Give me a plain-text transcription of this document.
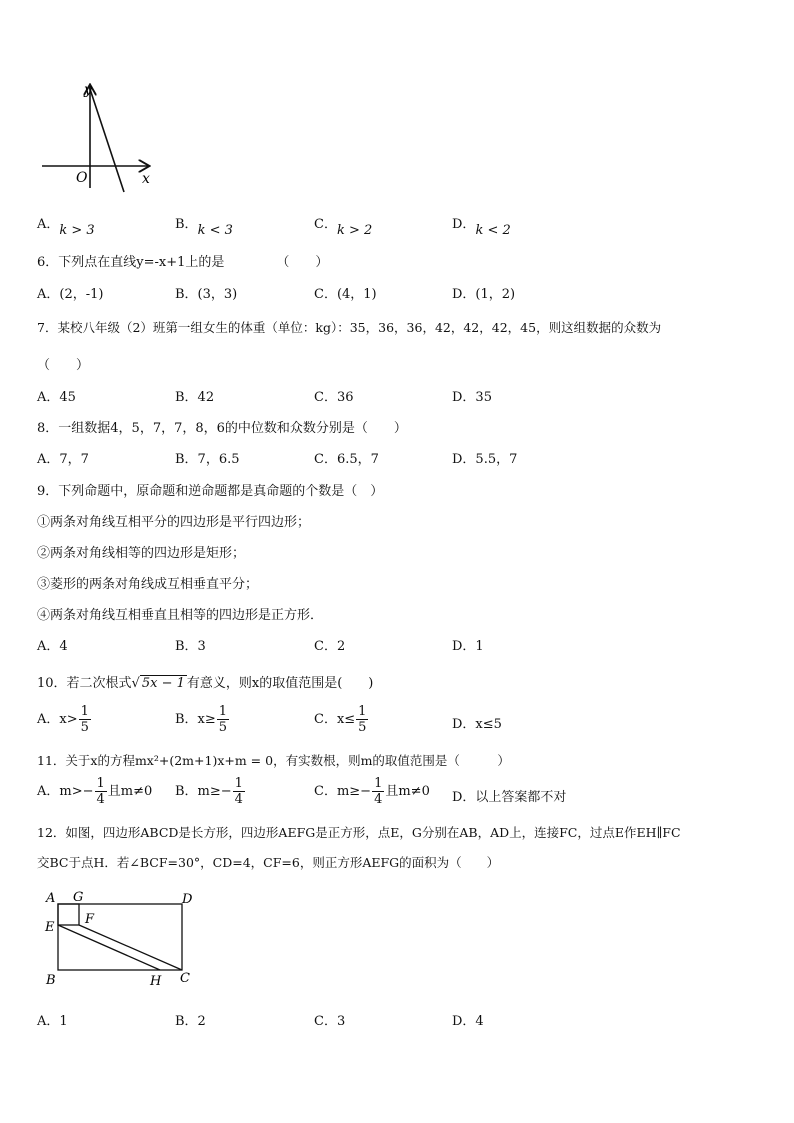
y
x
O
A．k > 3	B．k < 3	C．k > 2	D．k < 2
6．下列点在直线y=-x+1上的是	（　　）
A．(2，-1)	B．(3，3)	C．(4，1)	D．(1，2)
7．某校八年级（2）班第一组女生的体重（单位：kg）：35，36，36，42，42，42，45，则这组数据的众数为
（　　）
A．45	B．42	C．36	D．35
8．一组数据4，5，7，7，8，6的中位数和众数分别是（　　）
A．7，7	B．7，6.5	C．6.5，7	D．5.5，7
9．下列命题中，原命题和逆命题都是真命题的个数是（　）
①两条对角线互相平分的四边形是平行四边形；
②两条对角线相等的四边形是矩形；
③菱形的两条对角线成互相垂直平分；
④两条对角线互相垂直且相等的四边形是正方形．
A．4	B．3	C．2	D．1
10．若二次根式√ 5x − 1 有意义，则x的取值范围是(　　)
A．$x> \frac{1}{5}$	B．$x\ge \frac{1}{5}$	C．$x\le \frac{1}{5}$	D．x≤5
11．关于x的方程mx²+(2m+1)x+m = 0，有实数根，则m的取值范围是（　　　）
A．$m>- \frac{1}{4}$ 且m≠0 B．$m\ge- \frac{1}{4}$	C．$m\ge- \frac{1}{4}$ 且m≠0 D．以上答案都不对
12．如图，四边形ABCD是长方形，四边形AEFG是正方形，点E，G分别在AB，AD上，连接FC，过点E作EH∥FC
交BC于点H．若∠BCF=30°，CD=4，CF=6，则正方形AEFG的面积为（　　）
A G	D
E
F
B	H C
A．1	B．2	C．3	D．4
